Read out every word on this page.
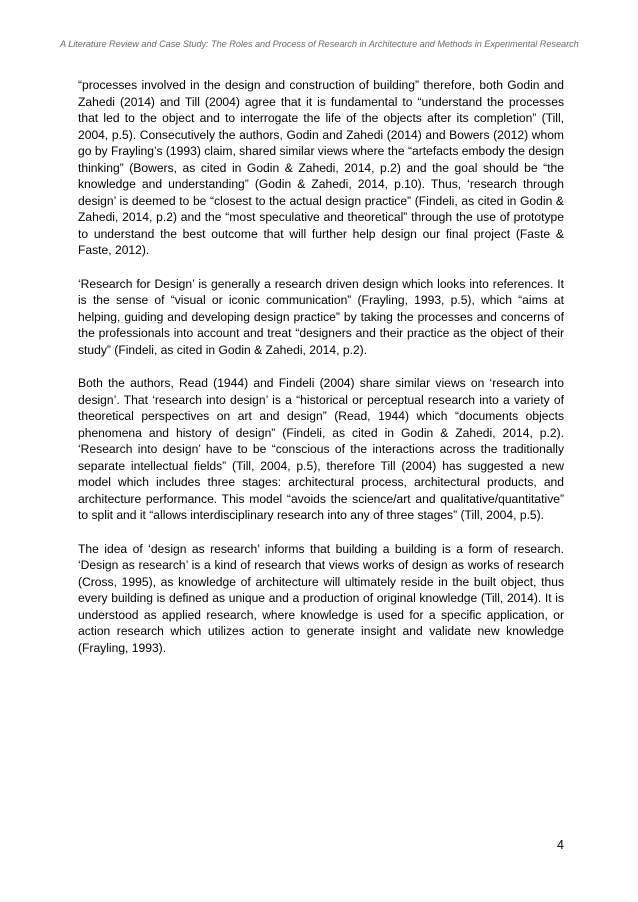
A Literature Review and Case Study: The Roles and Process of Research in Architecture and Methods in Experimental Research

“processes involved in the design and construction of building” therefore, both Godin and Zahedi (2014) and Till (2004) agree that it is fundamental to “understand the processes that led to the object and to interrogate the life of the objects after its completion” (Till, 2004, p.5). Consecutively the authors, Godin and Zahedi (2014) and Bowers (2012) whom go by Frayling’s (1993) claim, shared similar views where the “artefacts embody the design thinking” (Bowers, as cited in Godin & Zahedi, 2014, p.2) and the goal should be “the knowledge and understanding” (Godin & Zahedi, 2014, p.10). Thus, ‘research through design’ is deemed to be “closest to the actual design practice” (Findeli, as cited in Godin & Zahedi, 2014, p.2) and the “most speculative and theoretical” through the use of prototype to understand the best outcome that will further help design our final project (Faste & Faste, 2012).

‘Research for Design’ is generally a research driven design which looks into references. It is the sense of “visual or iconic communication” (Frayling, 1993, p.5), which “aims at helping, guiding and developing design practice” by taking the processes and concerns of the professionals into account and treat “designers and their practice as the object of their study” (Findeli, as cited in Godin & Zahedi, 2014, p.2).

Both the authors, Read (1944) and Findeli (2004) share similar views on ‘research into design’. That ‘research into design’ is a “historical or perceptual research into a variety of theoretical perspectives on art and design” (Read, 1944) which “documents objects phenomena and history of design” (Findeli, as cited in Godin & Zahedi, 2014, p.2). ‘Research into design’ have to be “conscious of the interactions across the traditionally separate intellectual fields” (Till, 2004, p.5), therefore Till (2004) has suggested a new model which includes three stages: architectural process, architectural products, and architecture performance. This model “avoids the science/art and qualitative/quantitative” to split and it “allows interdisciplinary research into any of three stages” (Till, 2004, p.5).

The idea of ‘design as research’ informs that building a building is a form of research. ‘Design as research’ is a kind of research that views works of design as works of research (Cross, 1995), as knowledge of architecture will ultimately reside in the built object, thus every building is defined as unique and a production of original knowledge (Till, 2014). It is understood as applied research, where knowledge is used for a specific application, or action research which utilizes action to generate insight and validate new knowledge (Frayling, 1993).

4
